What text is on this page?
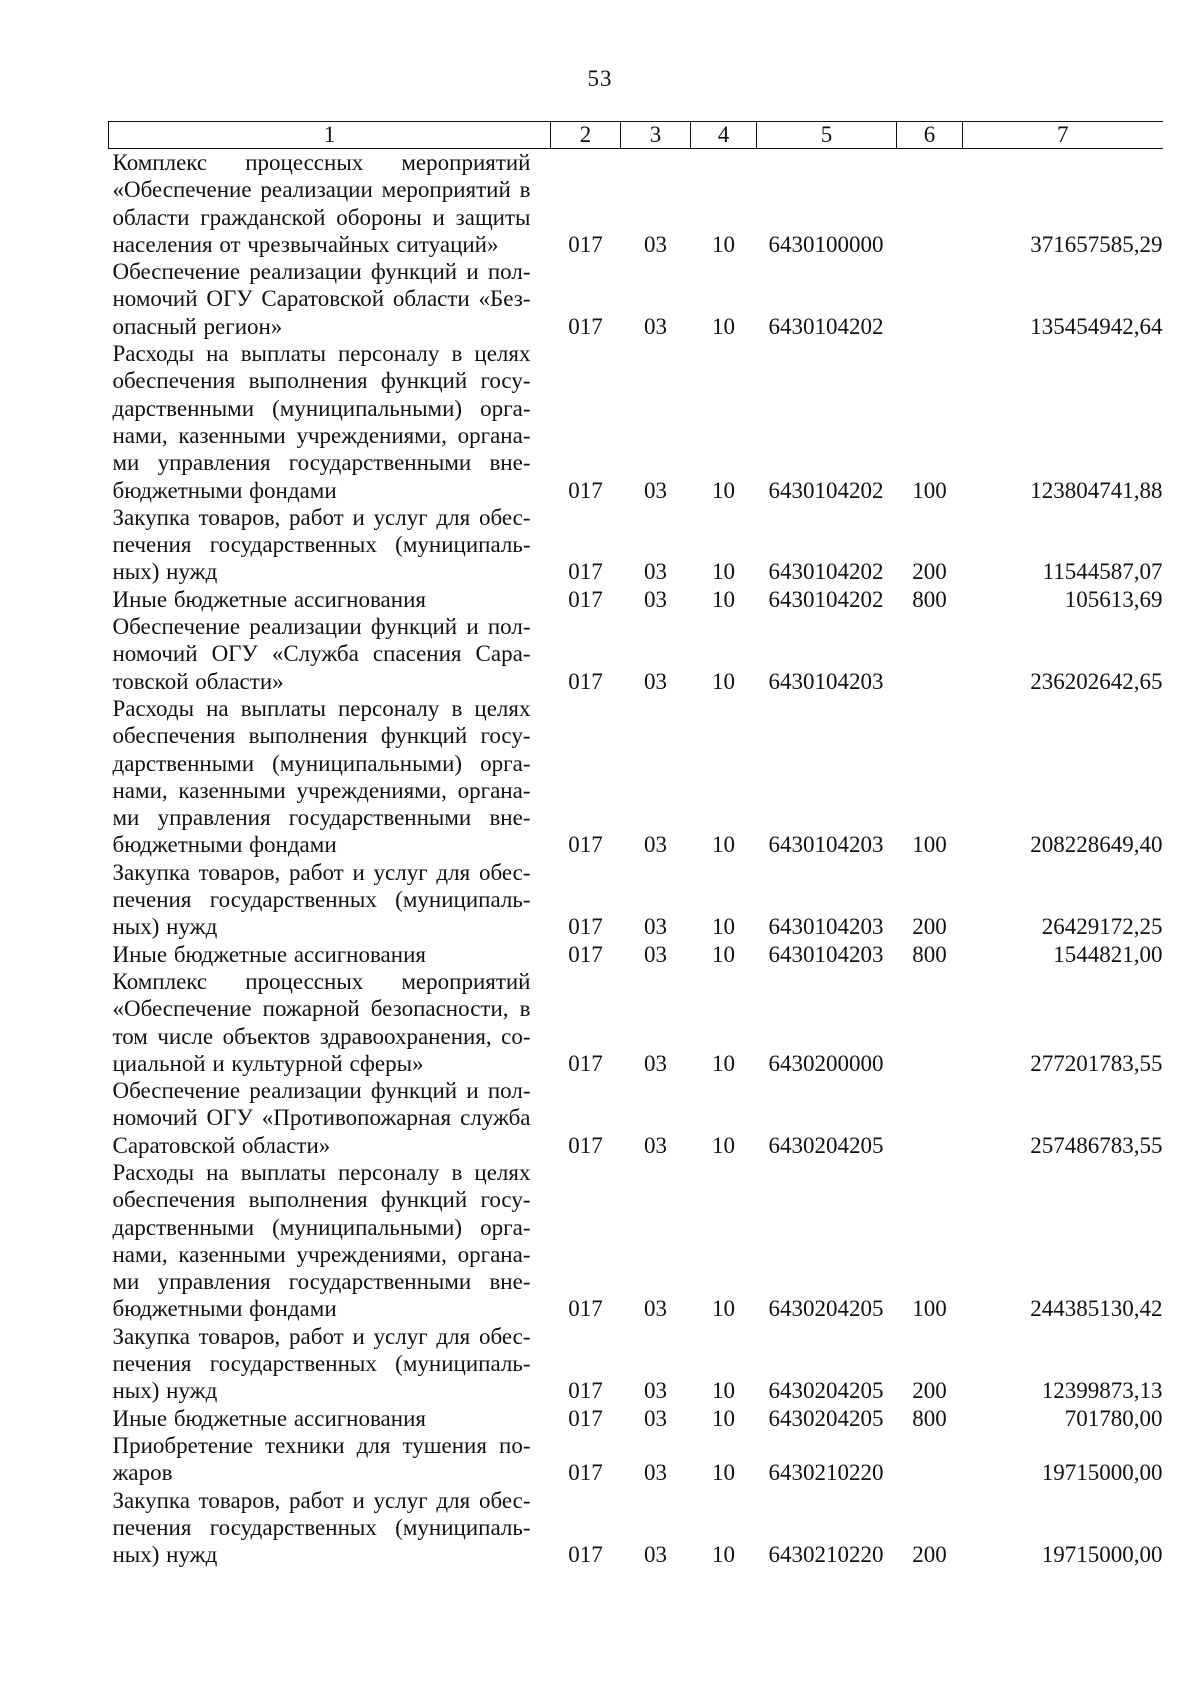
53
1	2	3	4	5	6	7
Комплекс процессных мероприятий «Обеспечение реализации мероприятий в области гражданской обороны и защиты населения от чрезвычайных ситуаций»	017	03	10	6430100000		371657585,29
Обеспечение реализации функций и полномочий ОГУ Саратовской области «Безопасный регион»	017	03	10	6430104202		135454942,64
Расходы на выплаты персоналу в целях обеспечения выполнения функций государственными (муниципальными) органами, казенными учреждениями, органами управления государственными внебюджетными фондами	017	03	10	6430104202	100	123804741,88
Закупка товаров, работ и услуг для обеспечения государственных (муниципальных) нужд	017	03	10	6430104202	200	11544587,07
Иные бюджетные ассигнования	017	03	10	6430104202	800	105613,69
Обеспечение реализации функций и полномочий ОГУ «Служба спасения Саратовской области»	017	03	10	6430104203		236202642,65
Расходы на выплаты персоналу в целях обеспечения выполнения функций государственными (муниципальными) органами, казенными учреждениями, органами управления государственными внебюджетными фондами	017	03	10	6430104203	100	208228649,40
Закупка товаров, работ и услуг для обеспечения государственных (муниципальных) нужд	017	03	10	6430104203	200	26429172,25
Иные бюджетные ассигнования	017	03	10	6430104203	800	1544821,00
Комплекс процессных мероприятий «Обеспечение пожарной безопасности, в том числе объектов здравоохранения, социальной и культурной сферы»	017	03	10	6430200000		277201783,55
Обеспечение реализации функций и полномочий ОГУ «Противопожарная служба Саратовской области»	017	03	10	6430204205		257486783,55
Расходы на выплаты персоналу в целях обеспечения выполнения функций государственными (муниципальными) органами, казенными учреждениями, органами управления государственными внебюджетными фондами	017	03	10	6430204205	100	244385130,42
Закупка товаров, работ и услуг для обеспечения государственных (муниципальных) нужд	017	03	10	6430204205	200	12399873,13
Иные бюджетные ассигнования	017	03	10	6430204205	800	701780,00
Приобретение техники для тушения пожаров	017	03	10	6430210220		19715000,00
Закупка товаров, работ и услуг для обеспечения государственных (муниципальных) нужд	017	03	10	6430210220	200	19715000,00
